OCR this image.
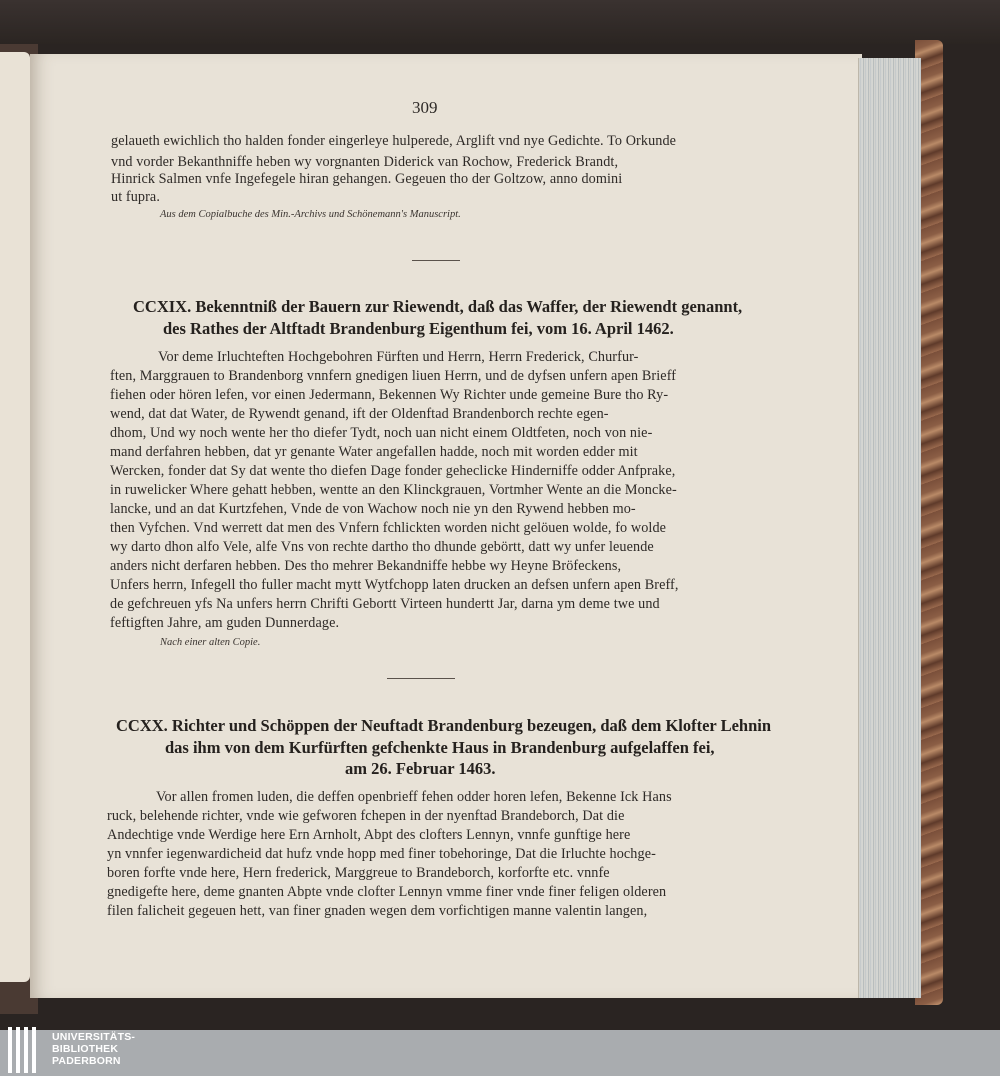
309
gelaueth ewichlich tho halden fonder eingerleye hulperede, Arglift vnd nye Gedichte. To Orkunde
vnd vorder Bekanthniffe heben wy vorgnanten Diderick van Rochow, Frederick Brandt,
Hinrick Salmen vnfe Ingefegele hiran gehangen. Gegeuen tho der Goltzow, anno domini
ut fupra.
Aus dem Copialbuche des Min.-Archivs und Schönemann's Manuscript.
CCXIX. Bekenntniß der Bauern zur Riewendt, daß das Waffer, der Riewendt genannt,
des Rathes der Altftadt Brandenburg Eigenthum fei, vom 16. April 1462.
Vor deme Irluchteften Hochgebohren Fürften und Herrn, Herrn Frederick, Churfur-
ften, Marggrauen to Brandenborg vnnfern gnedigen liuen Herrn, und de dyfsen unfern apen Brieff
fiehen oder hören lefen, vor einen Jedermann, Bekennen Wy Richter unde gemeine Bure tho Ry-
wend, dat dat Water, de Rywendt genand, ift der Oldenftad Brandenborch rechte egen-
dhom, Und wy noch wente her tho diefer Tydt, noch uan nicht einem Oldtfeten, noch von nie-
mand derfahren hebben, dat yr genante Water angefallen hadde, noch mit worden edder mit
Wercken, fonder dat Sy dat wente tho diefen Dage fonder geheclicke Hinderniffe odder Anfprake,
in ruwelicker Where gehatt hebben, wentte an den Klinckgrauen, Vortmher Wente an die Moncke-
lancke, und an dat Kurtzfehen, Vnde de von Wachow noch nie yn den Rywend hebben mo-
then Vyfchen. Vnd werrett dat men des Vnfern fchlickten worden nicht gelöuen wolde, fo wolde
wy darto dhon alfo Vele, alfe Vns von rechte dartho tho dhunde gebörtt, datt wy unfer leuende
anders nicht derfaren hebben. Des tho mehrer Bekandniffe hebbe wy Heyne Bröfeckens,
Unfers herrn, Infegell tho fuller macht mytt Wytfchopp laten drucken an defsen unfern apen Breff,
de gefchreuen yfs Na unfers herrn Chrifti Gebortt Virteen hundertt Jar, darna ym deme twe und
feftigften Jahre, am guden Dunnerdage.
Nach einer alten Copie.
CCXX. Richter und Schöppen der Neuftadt Brandenburg bezeugen, daß dem Klofter Lehnin
das ihm von dem Kurfürften gefchenkte Haus in Brandenburg aufgelaffen fei,
am 26. Februar 1463.
Vor allen fromen luden, die deffen openbrieff fehen odder horen lefen, Bekenne Ick Hans
ruck, belehende richter, vnde wie gefworen fchepen in der nyenftad Brandeborch, Dat die
Andechtige vnde Werdige here Ern Arnholt, Abpt des clofters Lennyn, vnnfe gunftige here
yn vnnfer iegenwardicheid dat hufz vnde hopp med finer tobehoringe, Dat die Irluchte hochge-
boren forfte vnde here, Hern frederick, Marggreue to Brandeborch, korforfte etc. vnnfe
gnedigefte here, deme gnanten Abpte vnde clofter Lennyn vmme finer vnde finer feligen olderen
filen falicheit gegeuen hett, van finer gnaden wegen dem vorfichtigen manne valentin langen,
UNIVERSITÄTS-
BIBLIOTHEK
PADERBORN
